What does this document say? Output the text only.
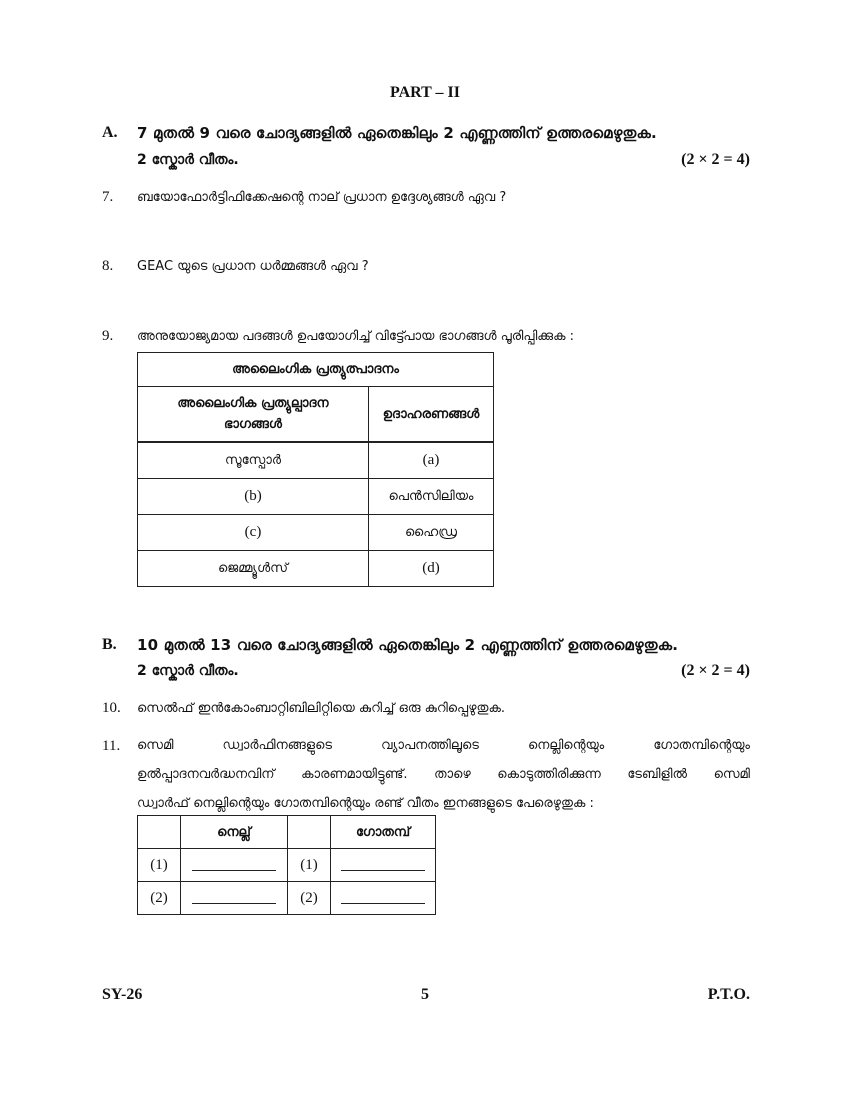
PART – II
A. 7 മുതൽ 9 വരെ ചോദ്യങ്ങളിൽ ഏതെങ്കിലും 2 എണ്ണത്തിന് ഉത്തരമെഴുതുക.
2 സ്കോർ വീതം.	(2 × 2 = 4)
7. ബയോഫോർട്ടിഫിക്കേഷന്റെ നാല് പ്രധാന ഉദ്ദേശ്യങ്ങൾ ഏവ ?
8. GEAC യുടെ പ്രധാന ധർമ്മങ്ങൾ ഏവ ?
9. അനുയോജ്യമായ പദങ്ങൾ ഉപയോഗിച്ച് വിട്ട്പോയ ഭാഗങ്ങൾ പൂരിപ്പിക്കുക :
അലൈംഗിക പ്രത്യുത്പാദനം	

അലൈംഗിക പ്രത്യുല്പാദന
ഭാഗങ്ങൾ	ഉദാഹരണങ്ങൾ
സൂസ്പോർ	(a)
(b)	പെൻസിലിയം
(c)	ഹൈഡ്ര
ജെമ്മ്യൂൾസ്	(d)
B. 10 മുതൽ 13 വരെ ചോദ്യങ്ങളിൽ ഏതെങ്കിലും 2 എണ്ണത്തിന് ഉത്തരമെഴുതുക.
2 സ്കോർ വീതം.	(2 × 2 = 4)
10. സെൽഫ് ഇൻകോംബാറ്റിബിലിറ്റിയെ കുറിച്ച് ഒരു കുറിപ്പെഴുതുക.
11. സെമി ഡ്വാർഫിനങ്ങളുടെ വ്യാപനത്തിലൂടെ നെല്ലിന്റെയും ഗോതമ്പിന്റെയും
ഉൽപ്പാദനവർദ്ധനവിന് കാരണമായിട്ടുണ്ട്. താഴെ കൊടുത്തിരിക്കുന്ന ടേബിളിൽ സെമി
ഡ്വാർഫ് നെല്ലിന്റെയും ഗോതമ്പിന്റെയും രണ്ട് വീതം ഇനങ്ങളുടെ പേരെഴുതുക :
	നെല്ല്		ഗോതമ്പ്
(1)		(1)	
(2)		(2)	
SY-26	5	P.T.O.
